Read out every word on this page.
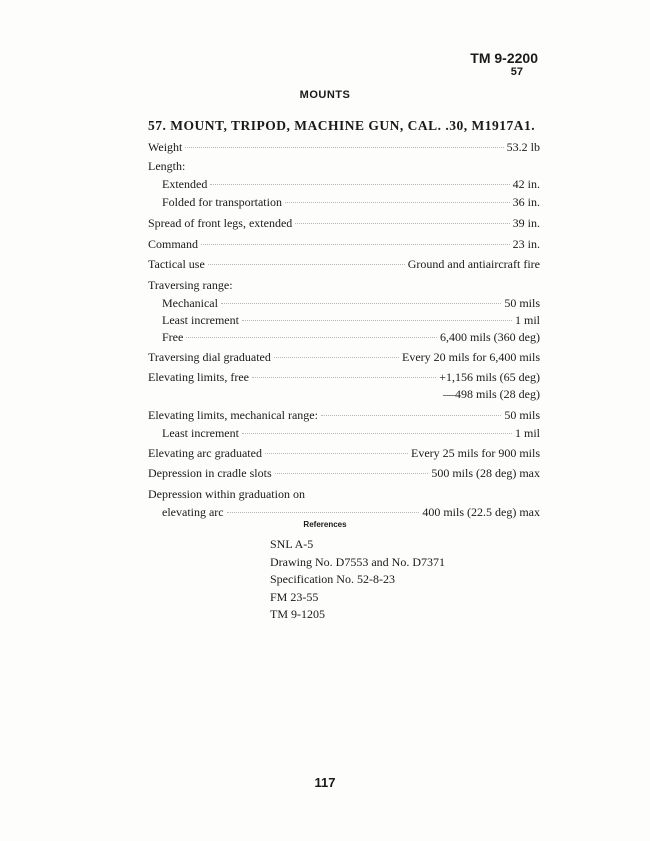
TM 9-2200
57
MOUNTS
57. MOUNT, TRIPOD, MACHINE GUN, CAL. .30, M1917A1.
Weight	53.2 lb
Length:
Extended	42 in.
Folded for transportation	36 in.
Spread of front legs, extended	39 in.
Command	23 in.
Tactical use	Ground and antiaircraft fire
Traversing range:
Mechanical	50 mils
Least increment	1 mil
Free	6,400 mils (360 deg)
Traversing dial graduated	Every 20 mils for 6,400 mils
Elevating limits, free	+1,156 mils (65 deg)
—498 mils (28 deg)
Elevating limits, mechanical range:	50 mils
Least increment	1 mil
Elevating arc graduated	Every 25 mils for 900 mils
Depression in cradle slots	500 mils (28 deg) max
Depression within graduation on
elevating arc	400 mils (22.5 deg) max
References
SNL A-5
Drawing No. D7553 and No. D7371
Specification No. 52-8-23
FM 23-55
TM 9-1205
117
